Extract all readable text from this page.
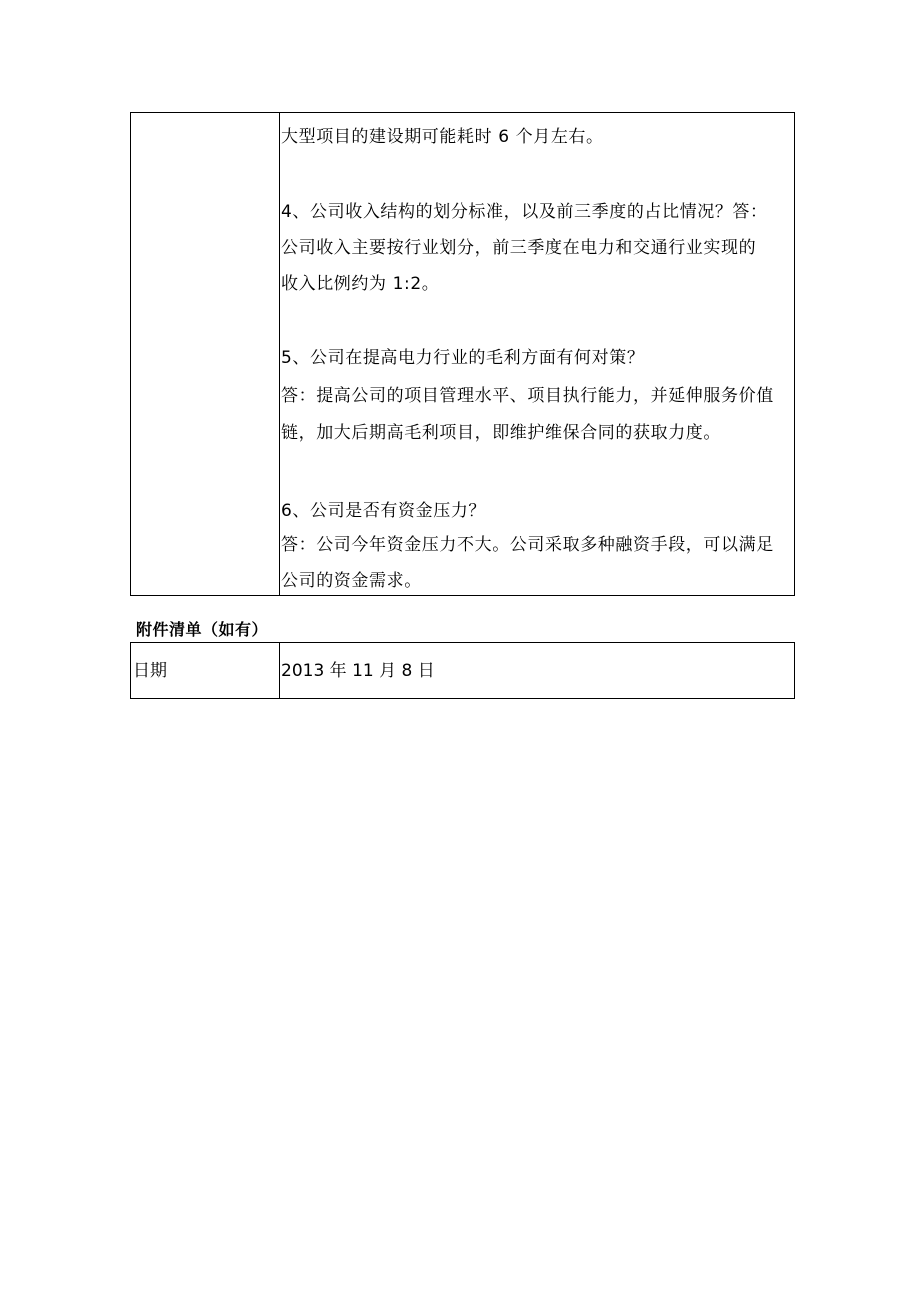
大型项目的建设期可能耗时 6 个月左右。
4、公司收入结构的划分标准，以及前三季度的占比情况？答：
公司收入主要按行业划分，前三季度在电力和交通行业实现的
收入比例约为 1:2。
5、公司在提高电力行业的毛利方面有何对策？
答：提高公司的项目管理水平、项目执行能力，并延伸服务价值
链，加大后期高毛利项目，即维护维保合同的获取力度。
6、公司是否有资金压力？
答：公司今年资金压力不大。公司采取多种融资手段，可以满足
公司的资金需求。
附件清单（如有）
日期	2013 年 11 月 8 日
